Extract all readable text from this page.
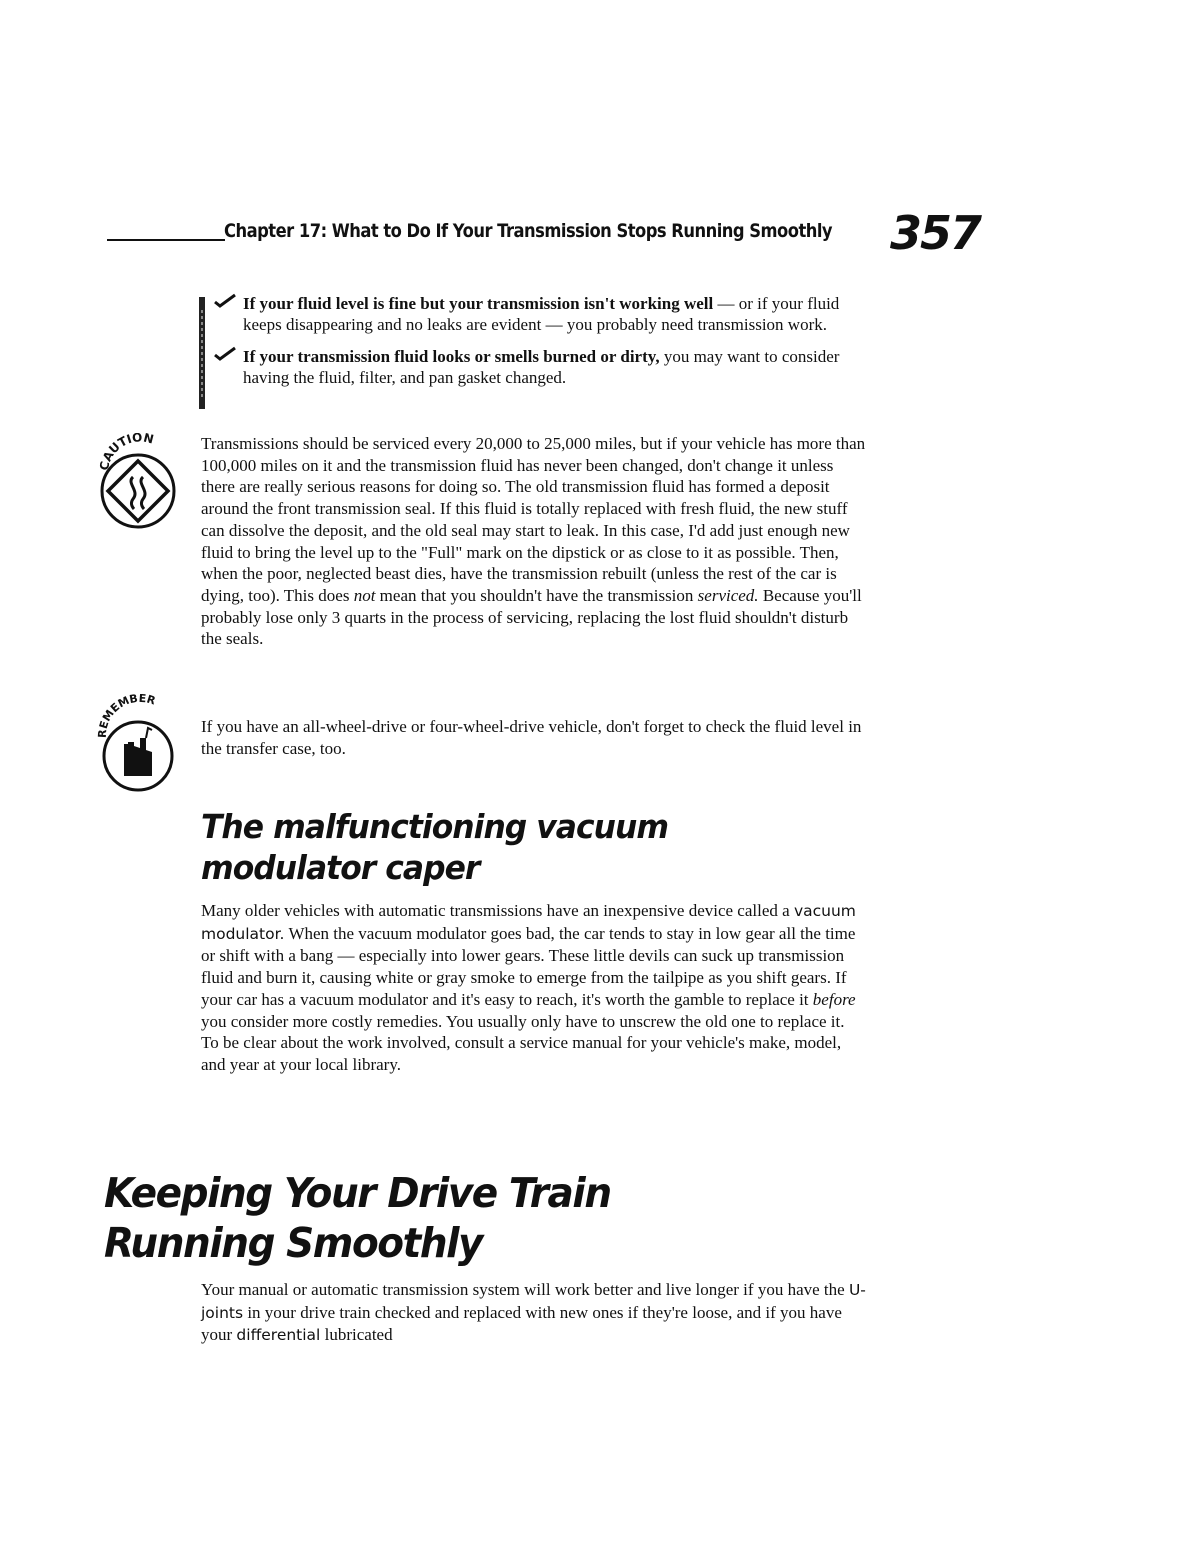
Chapter 17: What to Do If Your Transmission Stops Running Smoothly 357
If your fluid level is fine but your transmission isn't working well — or if your fluid keeps disappearing and no leaks are evident — you probably need transmission work.
If your transmission fluid looks or smells burned or dirty, you may want to consider having the fluid, filter, and pan gasket changed.
CAUTION	Transmissions should be serviced every 20,000 to 25,000 miles, but if your vehicle has more than 100,000 miles on it and the transmission fluid has never been changed, don't change it unless there are really serious reasons for doing so. The old transmission fluid has formed a deposit around the front transmission seal. If this fluid is totally replaced with fresh fluid, the new stuff can dissolve the deposit, and the old seal may start to leak. In this case, I'd add just enough new fluid to bring the level up to the "Full" mark on the dipstick or as close to it as possible. Then, when the poor, neglected beast dies, have the transmission rebuilt (unless the rest of the car is dying, too). This does not mean that you shouldn't have the transmission serviced. Because you'll probably lose only 3 quarts in the process of servicing, replacing the lost fluid shouldn't disturb the seals.
REMEMBER
If you have an all-wheel-drive or four-wheel-drive vehicle, don't forget to check the fluid level in the transfer case, too.
The malfunctioning vacuum
modulator caper
Many older vehicles with automatic transmissions have an inexpensive device called a vacuum modulator. When the vacuum modulator goes bad, the car tends to stay in low gear all the time or shift with a bang — especially into lower gears. These little devils can suck up transmission fluid and burn it, causing white or gray smoke to emerge from the tailpipe as you shift gears. If your car has a vacuum modulator and it's easy to reach, it's worth the gamble to replace it before you consider more costly remedies. You usually only have to unscrew the old one to replace it. To be clear about the work involved, consult a service manual for your vehicle's make, model, and year at your local library.
Keeping Your Drive Train
Running Smoothly
Your manual or automatic transmission system will work better and live longer if you have the U-joints in your drive train checked and replaced with new ones if they're loose, and if you have your differential lubricated
